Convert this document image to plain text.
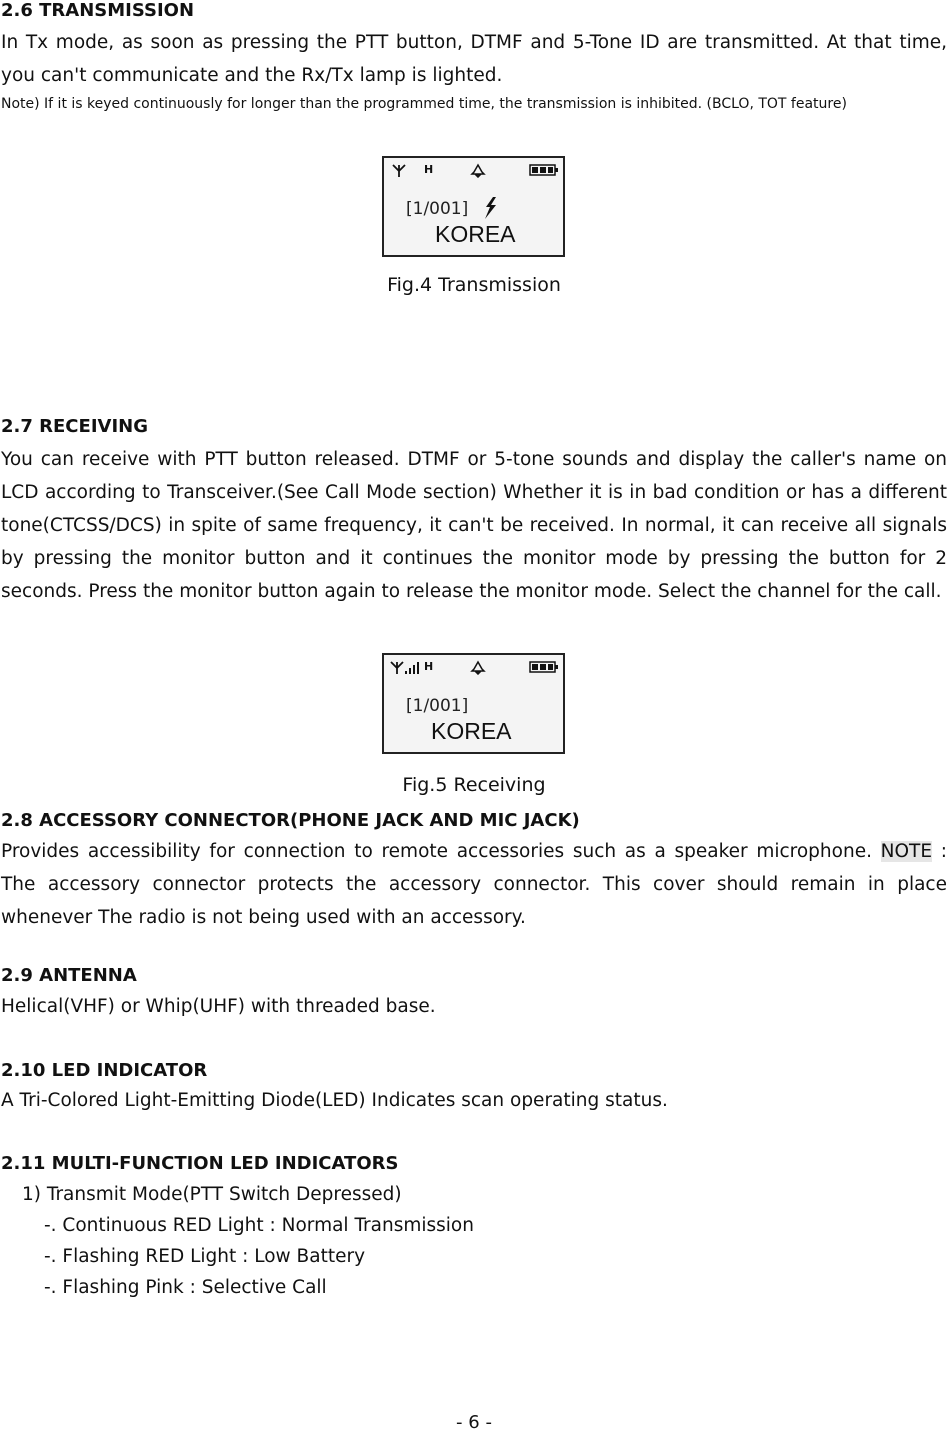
2.6 TRANSMISSION
In Tx mode, as soon as pressing the PTT button, DTMF and 5-Tone ID are transmitted. At that time, you can't communicate and the Rx/Tx lamp is lighted.
Note) If it is keyed continuously for longer than the programmed time, the transmission is inhibited. (BCLO, TOT feature)
H
[1/001]
KOREA
Fig.4 Transmission
2.7 RECEIVING
You can receive with PTT button released. DTMF or 5-tone sounds and display the caller's name on LCD according to Transceiver.(See Call Mode section) Whether it is in bad condition or has a different tone(CTCSS/DCS) in spite of same frequency, it can't be received. In normal, it can receive all signals by pressing the monitor button and it continues the monitor mode by pressing the button for 2 seconds. Press the monitor button again to release the monitor mode. Select the channel for the call.
H
[1/001]
KOREA
Fig.5 Receiving
2.8 ACCESSORY CONNECTOR(PHONE JACK AND MIC JACK)
Provides accessibility for connection to remote accessories such as a speaker microphone. NOTE : The accessory connector protects the accessory connector. This cover should remain in place whenever The radio is not being used with an accessory.
2.9 ANTENNA
Helical(VHF) or Whip(UHF) with threaded base.
2.10 LED INDICATOR
A Tri-Colored Light-Emitting Diode(LED) Indicates scan operating status.
2.11 MULTI-FUNCTION LED INDICATORS
1) Transmit Mode(PTT Switch Depressed)
-. Continuous RED Light : Normal Transmission
-. Flashing RED Light : Low Battery
-. Flashing Pink : Selective Call
- 6 -
